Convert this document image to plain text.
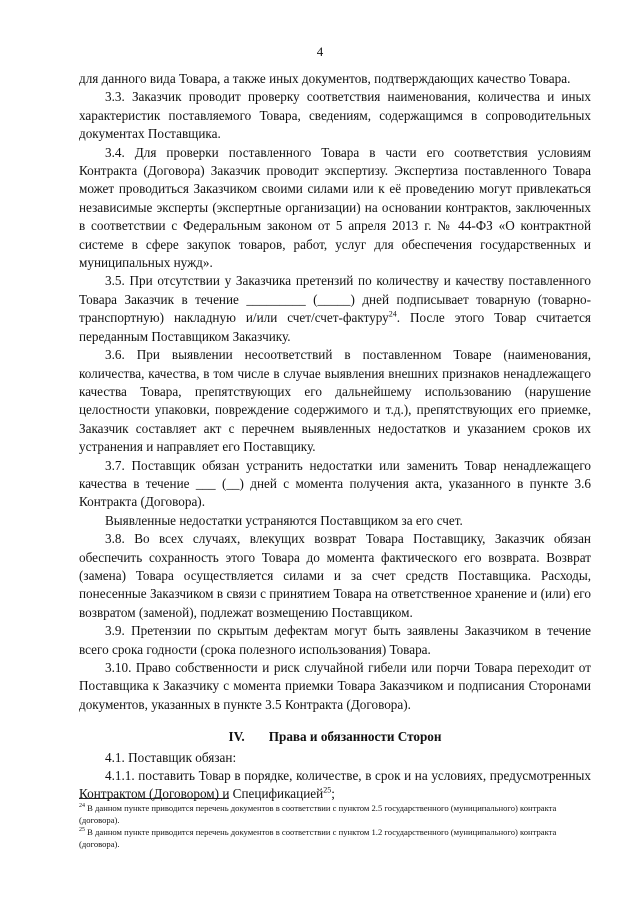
4

для данного вида Товара, а также иных документов, подтверждающих качество Товара.

3.3. Заказчик проводит проверку соответствия наименования, количества и иных характеристик поставляемого Товара, сведениям, содержащимся в сопроводительных документах Поставщика.

3.4. Для проверки поставленного Товара в части его соответствия условиям Контракта (Договора) Заказчик проводит экспертизу. Экспертиза поставленного Товара может проводиться Заказчиком своими силами или к её проведению могут привлекаться независимые эксперты (экспертные организации) на основании контрактов, заключенных в соответствии с Федеральным законом от 5 апреля 2013 г. № 44-ФЗ «О контрактной системе в сфере закупок товаров, работ, услуг для обеспечения государственных и муниципальных нужд».

3.5. При отсутствии у Заказчика претензий по количеству и качеству поставленного Товара Заказчик в течение _________ (_____) дней подписывает товарную (товарно-транспортную) накладную и/или счет/счет-фактуру$^{24}$. После этого Товар считается переданным Поставщиком Заказчику.

3.6. При выявлении несоответствий в поставленном Товаре (наименования, количества, качества, в том числе в случае выявления внешних признаков ненадлежащего качества Товара, препятствующих его дальнейшему использованию (нарушение целостности упаковки, повреждение содержимого и т.д.), препятствующих его приемке, Заказчик составляет акт с перечнем выявленных недостатков и указанием сроков их устранения и направляет его Поставщику.

3.7. Поставщик обязан устранить недостатки или заменить Товар ненадлежащего качества в течение ___ (__) дней с момента получения акта, указанного в пункте 3.6 Контракта (Договора).

Выявленные недостатки устраняются Поставщиком за его счет.

3.8. Во всех случаях, влекущих возврат Товара Поставщику, Заказчик обязан обеспечить сохранность этого Товара до момента фактического его возврата. Возврат (замена) Товара осуществляется силами и за счет средств Поставщика. Расходы, понесенные Заказчиком в связи с принятием Товара на ответственное хранение и (или) его возвратом (заменой), подлежат возмещению Поставщиком.

3.9. Претензии по скрытым дефектам могут быть заявлены Заказчиком в течение всего срока годности (срока полезного использования) Товара.

3.10. Право собственности и риск случайной гибели или порчи Товара переходит от Поставщика к Заказчику с момента приемки Товара Заказчиком и подписания Сторонами документов, указанных в пункте 3.5 Контракта (Договора).

IV. Права и обязанности Сторон

4.1. Поставщик обязан:

4.1.1. поставить Товар в порядке, количестве, в срок и на условиях, предусмотренных Контрактом (Договором) и Спецификацией$^{25}$;

$^{24}$ В данном пункте приводится перечень документов в соответствии с пунктом 2.5 государственного (муниципального) контракта (договора).

$^{25}$ В данном пункте приводится перечень документов в соответствии с пунктом 1.2 государственного (муниципального) контракта (договора).
